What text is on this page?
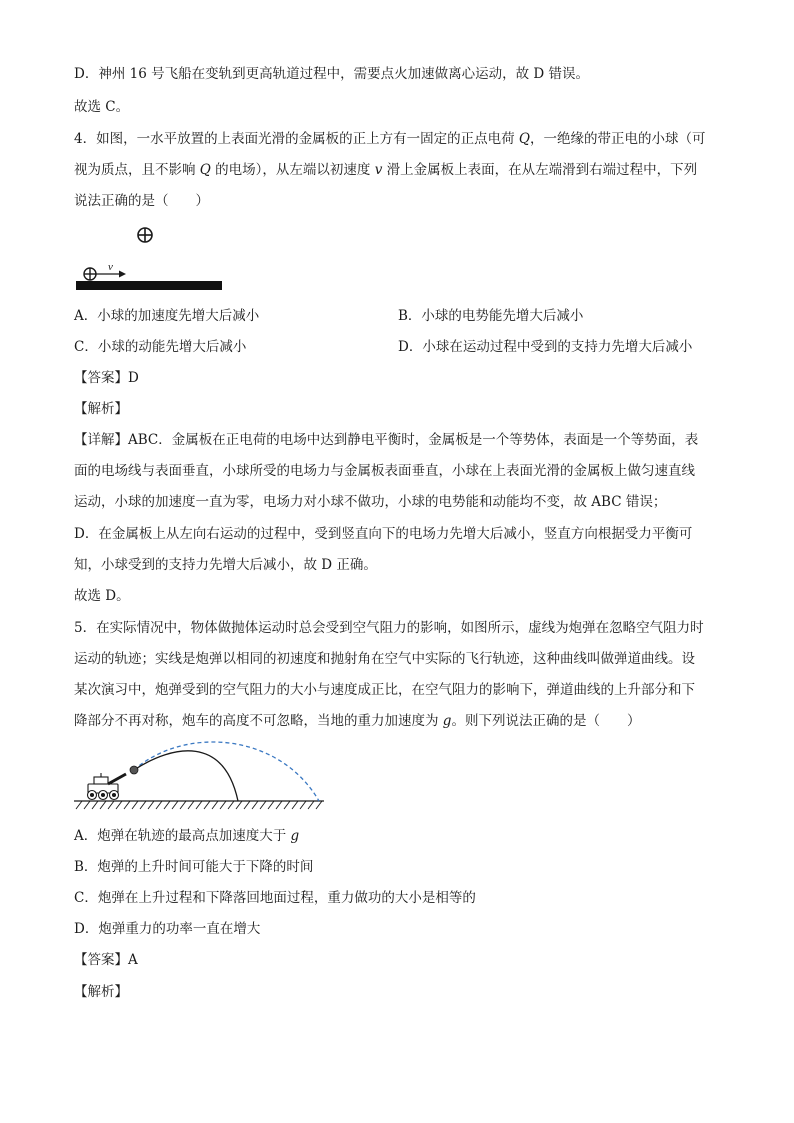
D．神州 16 号飞船在变轨到更高轨道过程中，需要点火加速做离心运动，故 D 错误。
故选 C。
4．如图，一水平放置的上表面光滑的金属板的正上方有一固定的正点电荷 Q，一绝缘的带正电的小球（可
视为质点，且不影响 Q 的电场），从左端以初速度 v 滑上金属板上表面，在从左端滑到右端过程中，下列
说法正确的是（　　）
v
A．小球的加速度先增大后减小	B．小球的电势能先增大后减小
C．小球的动能先增大后减小	D．小球在运动过程中受到的支持力先增大后减小
【答案】D
【解析】
【详解】ABC．金属板在正电荷的电场中达到静电平衡时，金属板是一个等势体，表面是一个等势面，表
面的电场线与表面垂直，小球所受的电场力与金属板表面垂直，小球在上表面光滑的金属板上做匀速直线
运动，小球的加速度一直为零，电场力对小球不做功，小球的电势能和动能均不变，故 ABC 错误；
D．在金属板上从左向右运动的过程中，受到竖直向下的电场力先增大后减小，竖直方向根据受力平衡可
知，小球受到的支持力先增大后减小，故 D 正确。
故选 D。
5．在实际情况中，物体做抛体运动时总会受到空气阻力的影响，如图所示，虚线为炮弹在忽略空气阻力时
运动的轨迹；实线是炮弹以相同的初速度和抛射角在空气中实际的飞行轨迹，这种曲线叫做弹道曲线。设
某次演习中，炮弹受到的空气阻力的大小与速度成正比，在空气阻力的影响下，弹道曲线的上升部分和下
降部分不再对称，炮车的高度不可忽略，当地的重力加速度为 g。则下列说法正确的是（　　）
A．炮弹在轨迹的最高点加速度大于 g
B．炮弹的上升时间可能大于下降的时间
C．炮弹在上升过程和下降落回地面过程，重力做功的大小是相等的
D．炮弹重力的功率一直在增大
【答案】A
【解析】
